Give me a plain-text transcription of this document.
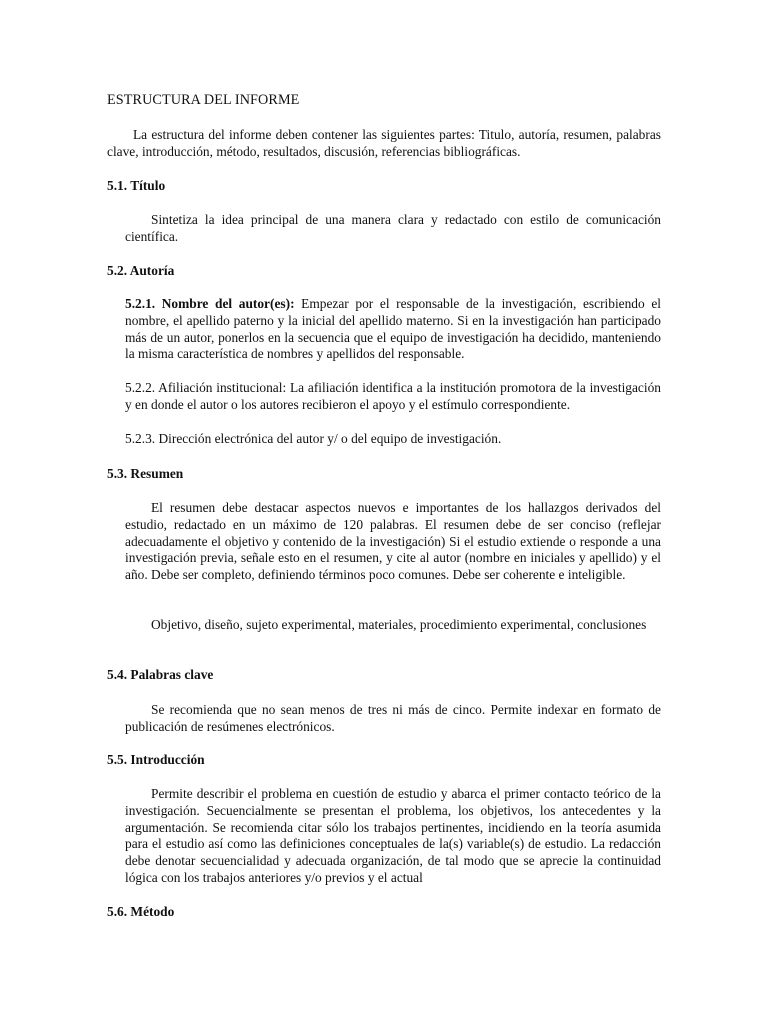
ESTRUCTURA DEL INFORME

La estructura del informe deben contener las siguientes partes: Titulo, autoría, resumen, palabras clave, introducción, método, resultados, discusión, referencias bibliográficas.

5.1. Título

Sintetiza la idea principal de una manera clara y redactado con estilo de comunicación científica.

5.2. Autoría

5.2.1. Nombre del autor(es): Empezar por el responsable de la investigación, escribiendo el nombre, el apellido paterno y la inicial del apellido materno. Si en la investigación han participado más de un autor, ponerlos en la secuencia que el equipo de investigación ha decidido, manteniendo la misma característica de nombres y apellidos del responsable.

5.2.2. Afiliación institucional: La afiliación identifica a la institución promotora de la investigación y en donde el autor o los autores recibieron el apoyo y el estímulo correspondiente.

5.2.3. Dirección electrónica del autor y/ o del equipo de investigación.

5.3. Resumen

El resumen debe destacar aspectos nuevos e importantes de los hallazgos derivados del estudio, redactado en un máximo de 120 palabras. El resumen debe de ser conciso (reflejar adecuadamente el objetivo y contenido de la investigación) Si el estudio extiende o responde a una investigación previa, señale esto en el resumen, y cite al autor (nombre en iniciales y apellido) y el año. Debe ser completo, definiendo términos poco comunes. Debe ser coherente e inteligible.

Objetivo, diseño, sujeto experimental, materiales, procedimiento experimental, conclusiones

5.4. Palabras clave

Se recomienda que no sean menos de tres ni más de cinco. Permite indexar en formato de publicación de resúmenes electrónicos.

5.5. Introducción

Permite describir el problema en cuestión de estudio y abarca el primer contacto teórico de la investigación. Secuencialmente se presentan el problema, los objetivos, los antecedentes y la argumentación. Se recomienda citar sólo los trabajos pertinentes, incidiendo en la teoría asumida para el estudio así como las definiciones conceptuales de la(s) variable(s) de estudio. La redacción debe denotar secuencialidad y adecuada organización, de tal modo que se aprecie la continuidad lógica con los trabajos anteriores y/o previos y el actual

5.6. Método
